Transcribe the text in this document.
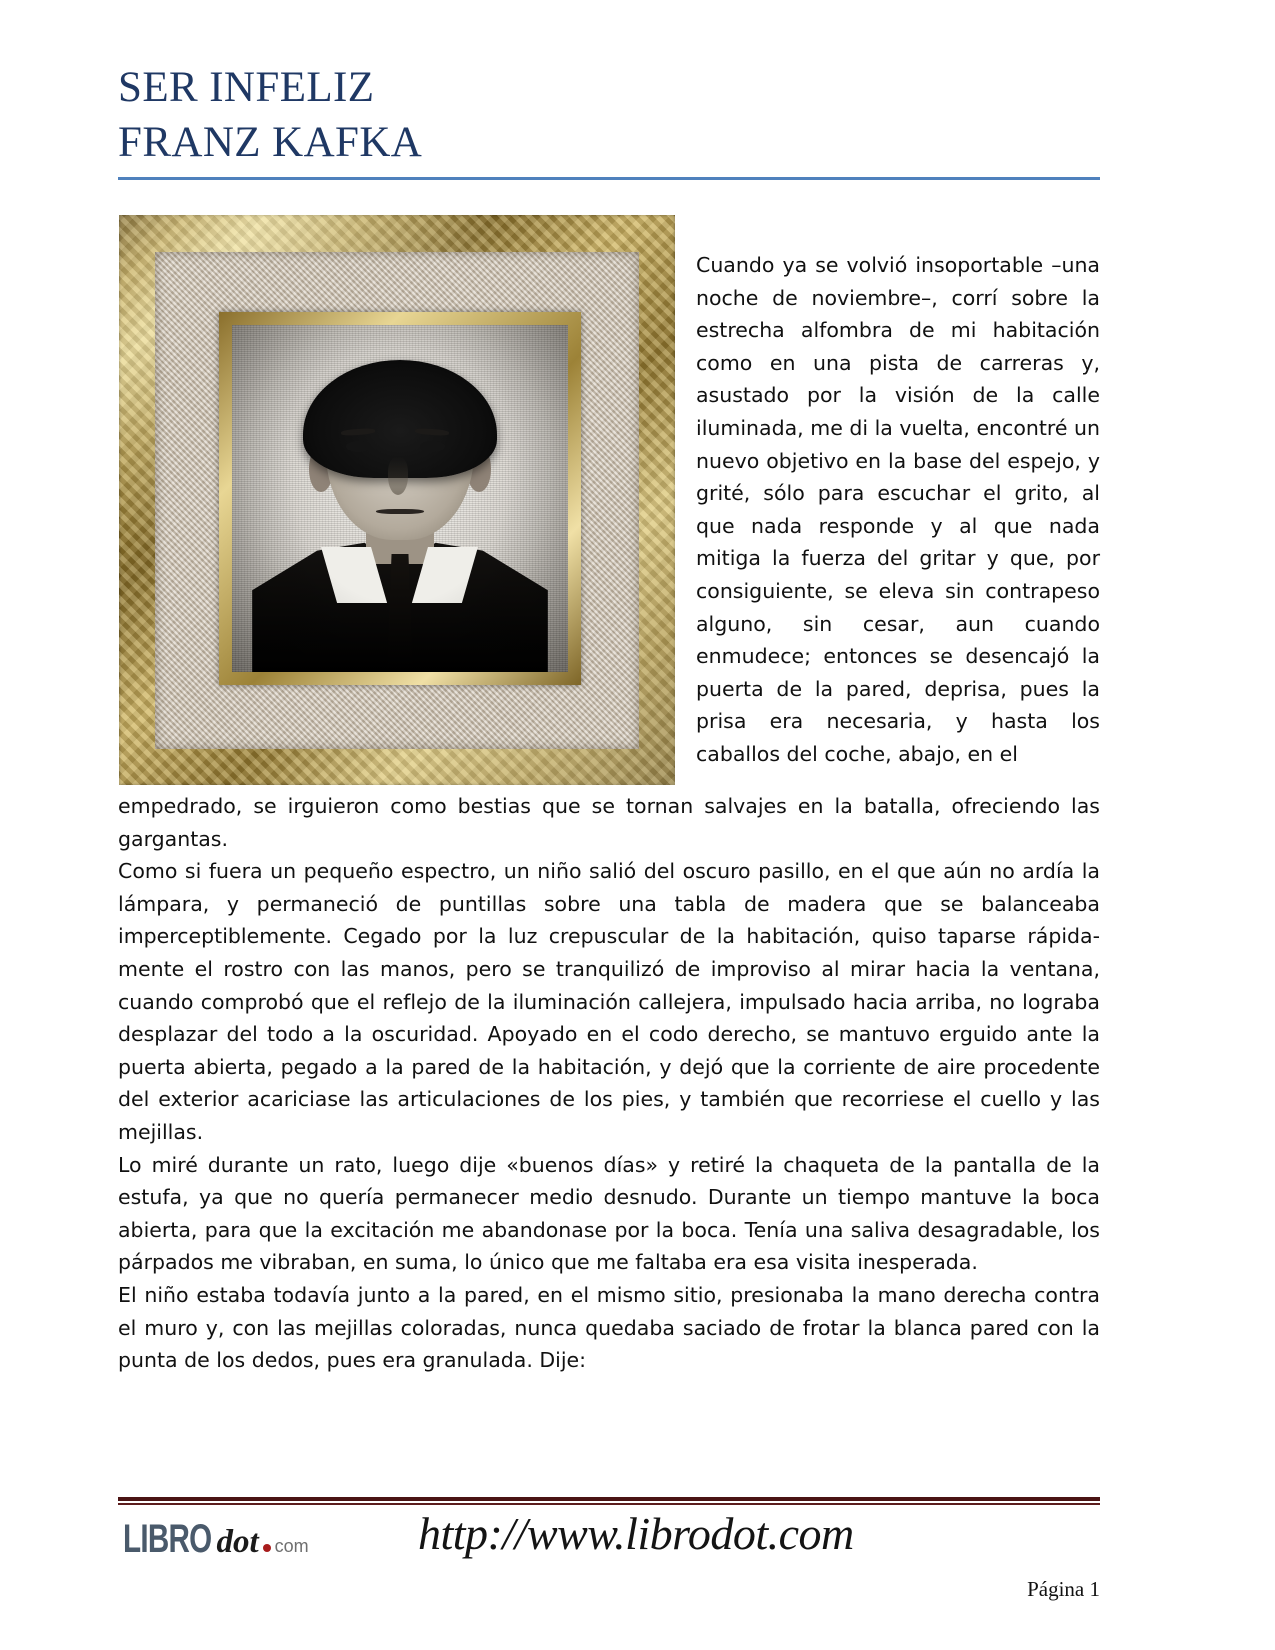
SER INFELIZ
FRANZ KAFKA
Cuando ya se volvió insoportable –una noche de noviembre–, corrí sobre la estrecha alfombra de mi habitación como en una pista de carreras y, asustado por la visión de la calle iluminada, me di la vuelta, encontré un nuevo objetivo en la base del espejo, y grité, sólo para escuchar el grito, al que nada responde y al que nada mitiga la fuerza del gritar y que, por consiguiente, se eleva sin contrapeso alguno, sin cesar, aun cuando enmudece; entonces se desencajó la puerta de la pared, deprisa, pues la prisa era necesaria, y hasta los caballos del coche, abajo, en el

empedrado, se irguieron como bestias que se tornan salvajes en la batalla, ofreciendo las gargantas.

Como si fuera un pequeño espectro, un niño salió del oscuro pasillo, en el que aún no ardía la lámpara, y permaneció de puntillas sobre una tabla de madera que se balanceaba imperceptiblemente. Cegado por la luz crepuscular de la habitación, quiso taparse rápida-mente el rostro con las manos, pero se tranquilizó de improviso al mirar hacia la ventana, cuando comprobó que el reflejo de la iluminación callejera, impulsado hacia arriba, no lograba desplazar del todo a la oscuridad. Apoyado en el codo derecho, se mantuvo erguido ante la puerta abierta, pegado a la pared de la habitación, y dejó que la corriente de aire procedente del exterior acariciase las articulaciones de los pies, y también que recorriese el cuello y las mejillas.

Lo miré durante un rato, luego dije «buenos días» y retiré la chaqueta de la pantalla de la estufa, ya que no quería permanecer medio desnudo. Durante un tiempo mantuve la boca abierta, para que la excitación me abandonase por la boca. Tenía una saliva desagradable, los párpados me vibraban, en suma, lo único que me faltaba era esa visita inesperada.

El niño estaba todavía junto a la pared, en el mismo sitio, presionaba la mano derecha contra el muro y, con las mejillas coloradas, nunca quedaba saciado de frotar la blanca pared con la punta de los dedos, pues era granulada. Dije:

LIBRO dot com http://www.librodot.com
Página 1
